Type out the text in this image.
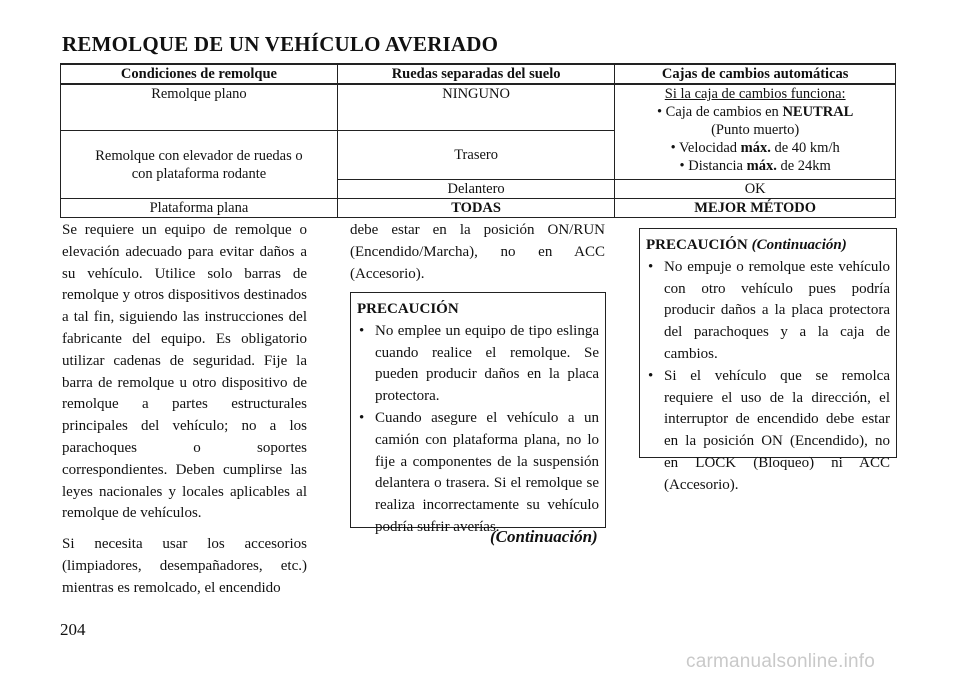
REMOLQUE DE UN VEHÍCULO AVERIADO
Condiciones de remolque	Ruedas separadas del suelo	Cajas de cambios automáticas
Remolque plano	NINGUNO	Si la caja de cambios funciona:
• Caja de cambios en NEUTRAL
(Punto muerto)
• Velocidad máx. de 40 km/h
• Distancia máx. de 24km

Remolque con elevador de ruedas o
con plataforma rodante	Trasero	
	Delantero	OK
Plataforma plana	TODAS	MEJOR MÉTODO

Se requiere un equipo de remolque o elevación adecuado para evitar daños a su vehículo. Utilice solo barras de remolque y otros dispositivos destinados a tal fin, siguiendo las instrucciones del fabricante del equipo. Es obligatorio utilizar cadenas de seguridad. Fije la barra de remolque u otro dispositivo de remolque a partes estructurales principales del vehículo; no a los parachoques o soportes correspondientes. Deben cumplirse las leyes nacionales y locales aplicables al remolque de vehículos.

Si necesita usar los accesorios (limpiadores, desempañadores, etc.) mientras es remolcado, el encendido

debe estar en la posición ON/RUN (Encendido/Marcha), no en ACC (Accesorio).

PRECAUCIÓN
• No emplee un equipo de tipo eslinga cuando realice el remolque. Se pueden producir daños en la placa protectora.
• Cuando asegure el vehículo a un camión con plataforma plana, no lo fije a componentes de la suspensión delantera o trasera. Si el remolque se realiza incorrectamente su vehículo podría sufrir averías.
(Continuación)
PRECAUCIÓN (Continuación)
• No empuje o remolque este vehículo con otro vehículo pues podría producir daños a la placa protectora del parachoques y a la caja de cambios.
• Si el vehículo que se remolca requiere el uso de la dirección, el interruptor de encendido debe estar en la posición ON (Encendido), no en LOCK (Bloqueo) ni ACC (Accesorio).
204
carmanualsonline.info
